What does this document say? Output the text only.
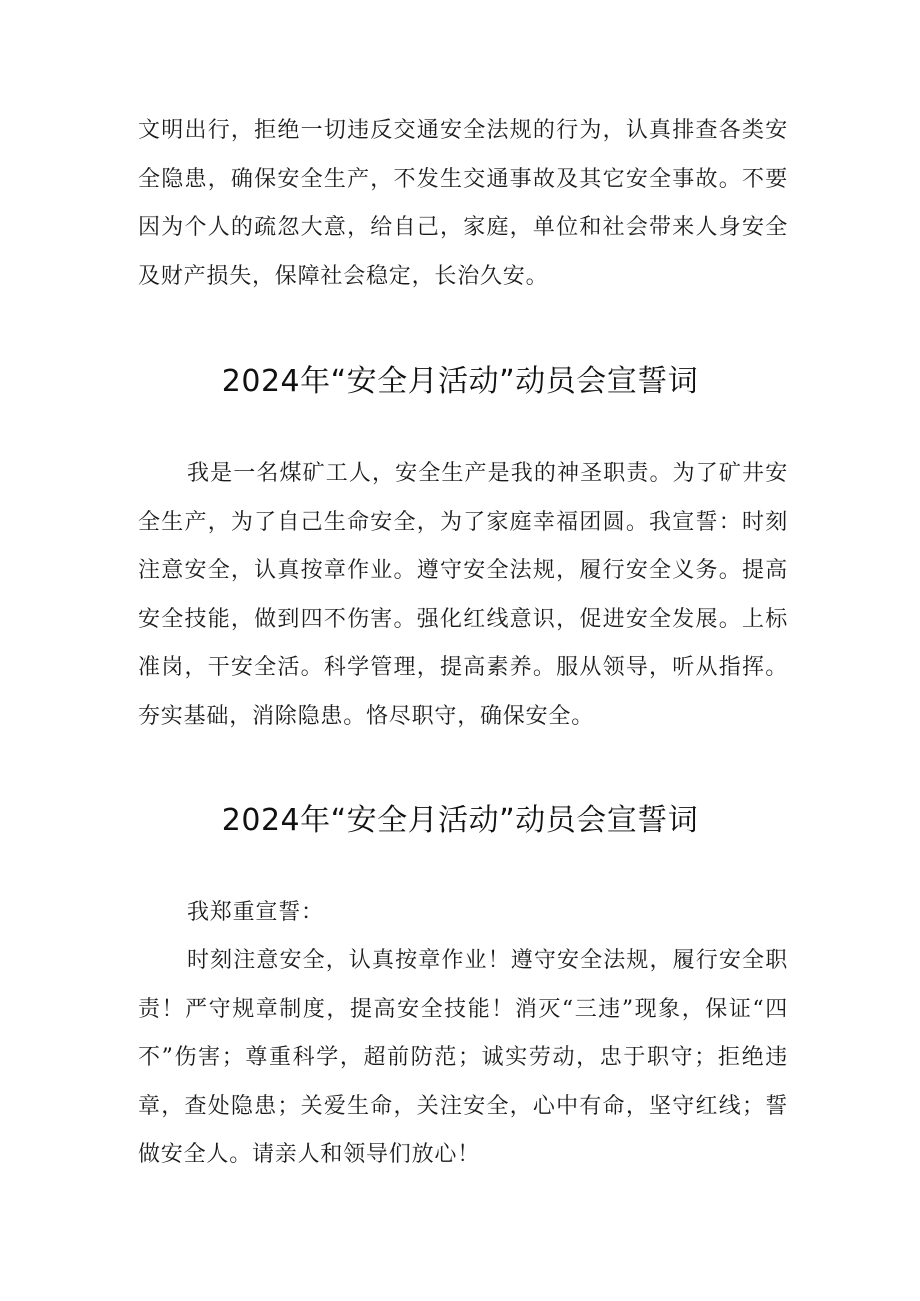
文明出行，拒绝一切违反交通安全法规的行为，认真排查各类安全隐患，确保安全生产，不发生交通事故及其它安全事故。不要因为个人的疏忽大意，给自己，家庭，单位和社会带来人身安全及财产损失，保障社会稳定，长治久安。

2024年“安全月活动”动员会宣誓词

我是一名煤矿工人，安全生产是我的神圣职责。为了矿井安全生产，为了自己生命安全，为了家庭幸福团圆。我宣誓：时刻注意安全，认真按章作业。遵守安全法规，履行安全义务。提高安全技能，做到四不伤害。强化红线意识，促进安全发展。上标准岗，干安全活。科学管理，提高素养。服从领导，听从指挥。夯实基础，消除隐患。恪尽职守，确保安全。

2024年“安全月活动”动员会宣誓词

我郑重宣誓：

时刻注意安全，认真按章作业！遵守安全法规，履行安全职责！严守规章制度，提高安全技能！消灭“三违”现象，保证“四不”伤害；尊重科学，超前防范；诚实劳动，忠于职守；拒绝违章，查处隐患；关爱生命，关注安全，心中有命，坚守红线；誓做安全人。请亲人和领导们放心！
